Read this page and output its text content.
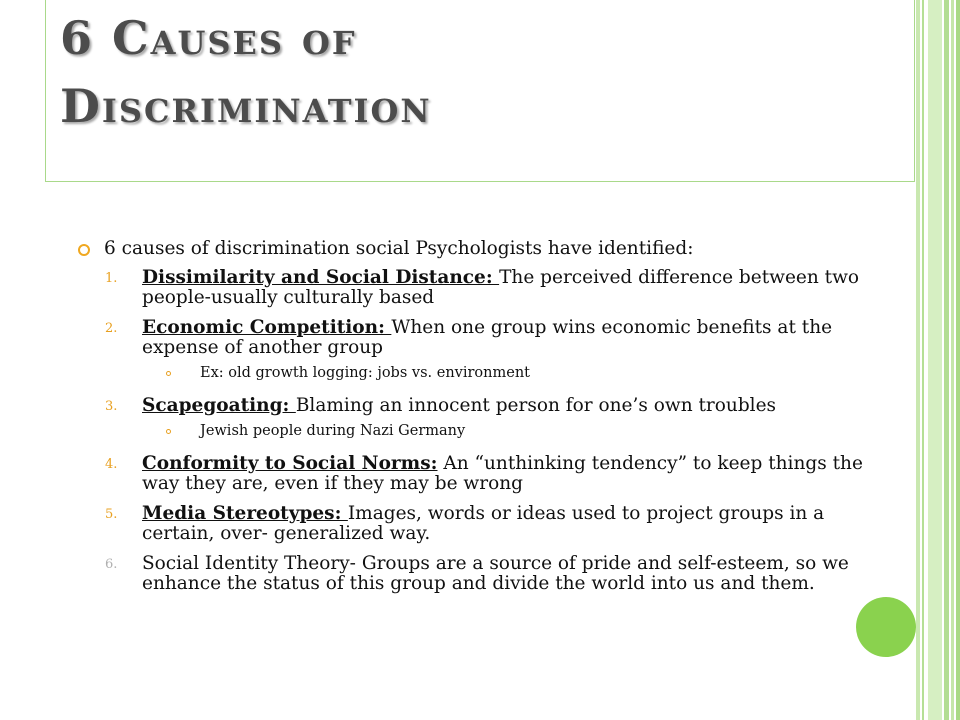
6 Causes of
Discrimination

6 causes of discrimination social Psychologists have identified:

1. Dissimilarity and Social Distance: The perceived difference between two people-usually culturally based
2. Economic Competition: When one group wins economic benefits at the expense of another group
Ex: old growth logging: jobs vs. environment
3. Scapegoating: Blaming an innocent person for one’s own troubles
Jewish people during Nazi Germany
4. Conformity to Social Norms: An “unthinking tendency” to keep things the way they are, even if they may be wrong
5. Media Stereotypes: Images, words or ideas used to project groups in a certain, over- generalized way.
6. Social Identity Theory- Groups are a source of pride and self-esteem, so we enhance the status of this group and divide the world into us and them.
